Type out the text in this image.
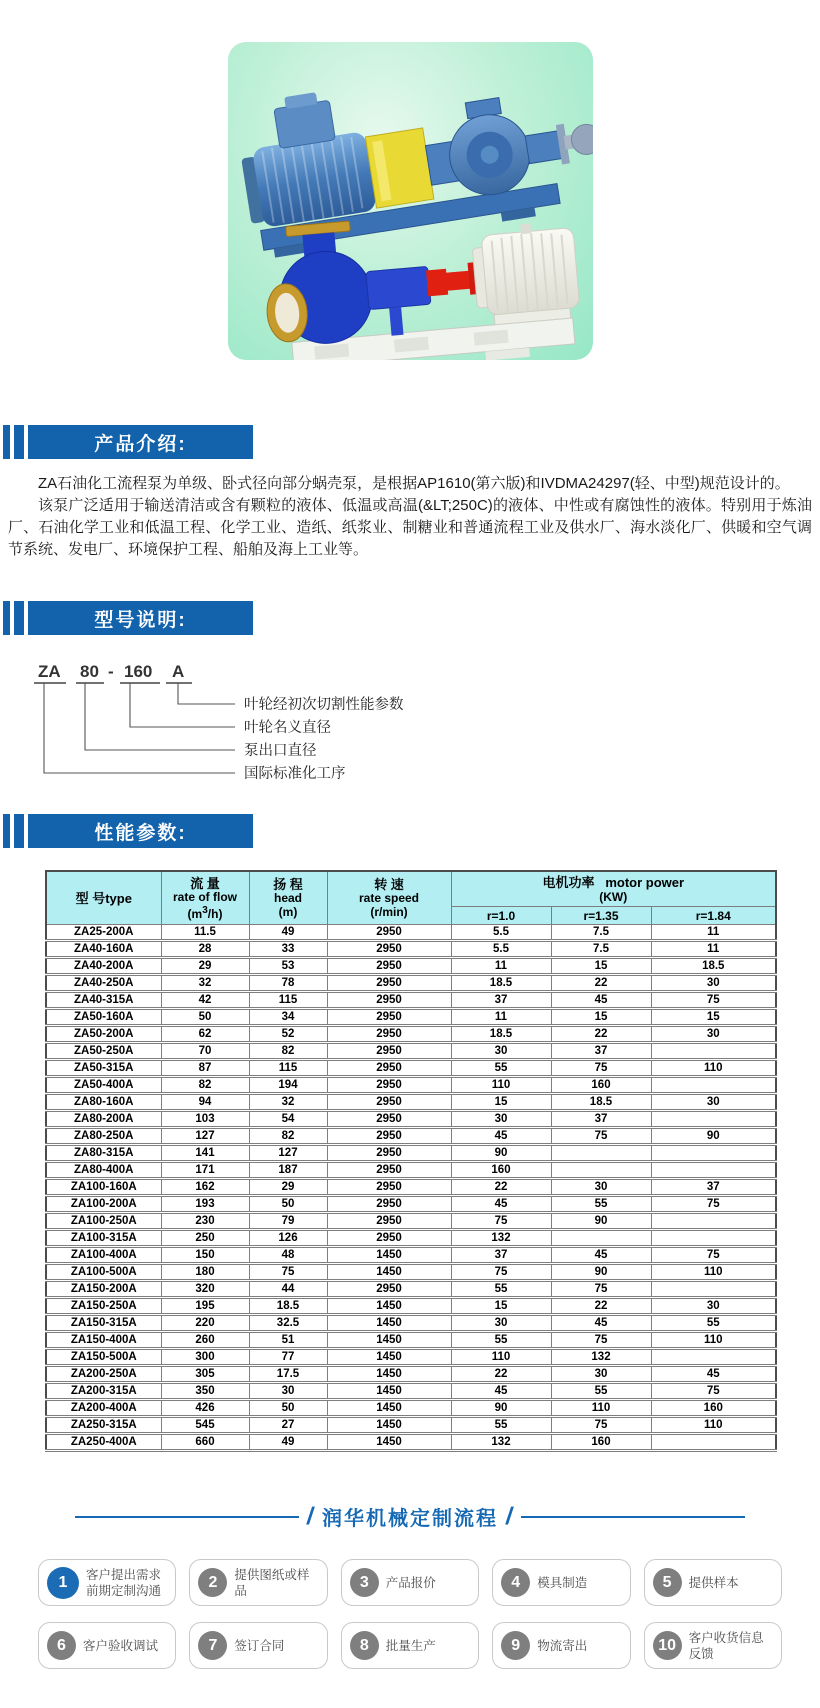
产品介绍:

ZA石油化工流程泵为单级、卧式径向部分蜗壳泵，是根据AP1610(第六版)和IVDMA24297(轻、中型)规范设计的。

该泵广泛适用于输送清洁或含有颗粒的液体、低温或高温(&LT;250C)的液体、中性或有腐蚀性的液体。特别用于炼油厂、石油化学工业和低温工程、化学工业、造纸、纸浆业、制糖业和普通流程工业及供水厂、海水淡化厂、供暖和空气调节系统、发电厂、环境保护工程、船舶及海上工业等。

型号说明:
ZA 80 - 160 A
叶轮经初次切割性能参数
叶轮名义直径
泵出口直径
国际标准化工序
性能参数:
型 号type

流 量
rate of flow
$(m^3/h)$

扬 程
head
(m)

转 速
rate speed
(r/min)

电机功率 motor power
(KW)

				r=1.0	r=1.35	r=1.84
ZA25-200A	11.5	49	2950	5.5	7.5	11
ZA40-160A	28	33	2950	5.5	7.5	11
ZA40-200A	29	53	2950	11	15	18.5
ZA40-250A	32	78	2950	18.5	22	30
ZA40-315A	42	115	2950	37	45	75
ZA50-160A	50	34	2950	11	15	15
ZA50-200A	62	52	2950	18.5	22	30
ZA50-250A	70	82	2950	30	37	
ZA50-315A	87	115	2950	55	75	110
ZA50-400A	82	194	2950	110	160	
ZA80-160A	94	32	2950	15	18.5	30
ZA80-200A	103	54	2950	30	37	
ZA80-250A	127	82	2950	45	75	90
ZA80-315A	141	127	2950	90		
ZA80-400A	171	187	2950	160		
ZA100-160A	162	29	2950	22	30	37
ZA100-200A	193	50	2950	45	55	75
ZA100-250A	230	79	2950	75	90	
ZA100-315A	250	126	2950	132		
ZA100-400A	150	48	1450	37	45	75
ZA100-500A	180	75	1450	75	90	110
ZA150-200A	320	44	2950	55	75	
ZA150-250A	195	18.5	1450	15	22	30
ZA150-315A	220	32.5	1450	30	45	55
ZA150-400A	260	51	1450	55	75	110
ZA150-500A	300	77	1450	110	132	
ZA200-250A	305	17.5	1450	22	30	45
ZA200-315A	350	30	1450	45	55	75
ZA200-400A	426	50	1450	90	110	160
ZA250-315A	545	27	1450	55	75	110
ZA250-400A	660	49	1450	132	160	
/ 润华机械定制流程 /
1	客户提出需求前期定制沟通	2	提供图纸或样品	3	产品报价	4	模具制造	5	提供样本
6	客户验收调试	7	签订合同	8	批量生产	9	物流寄出	10	客户收货信息反馈
